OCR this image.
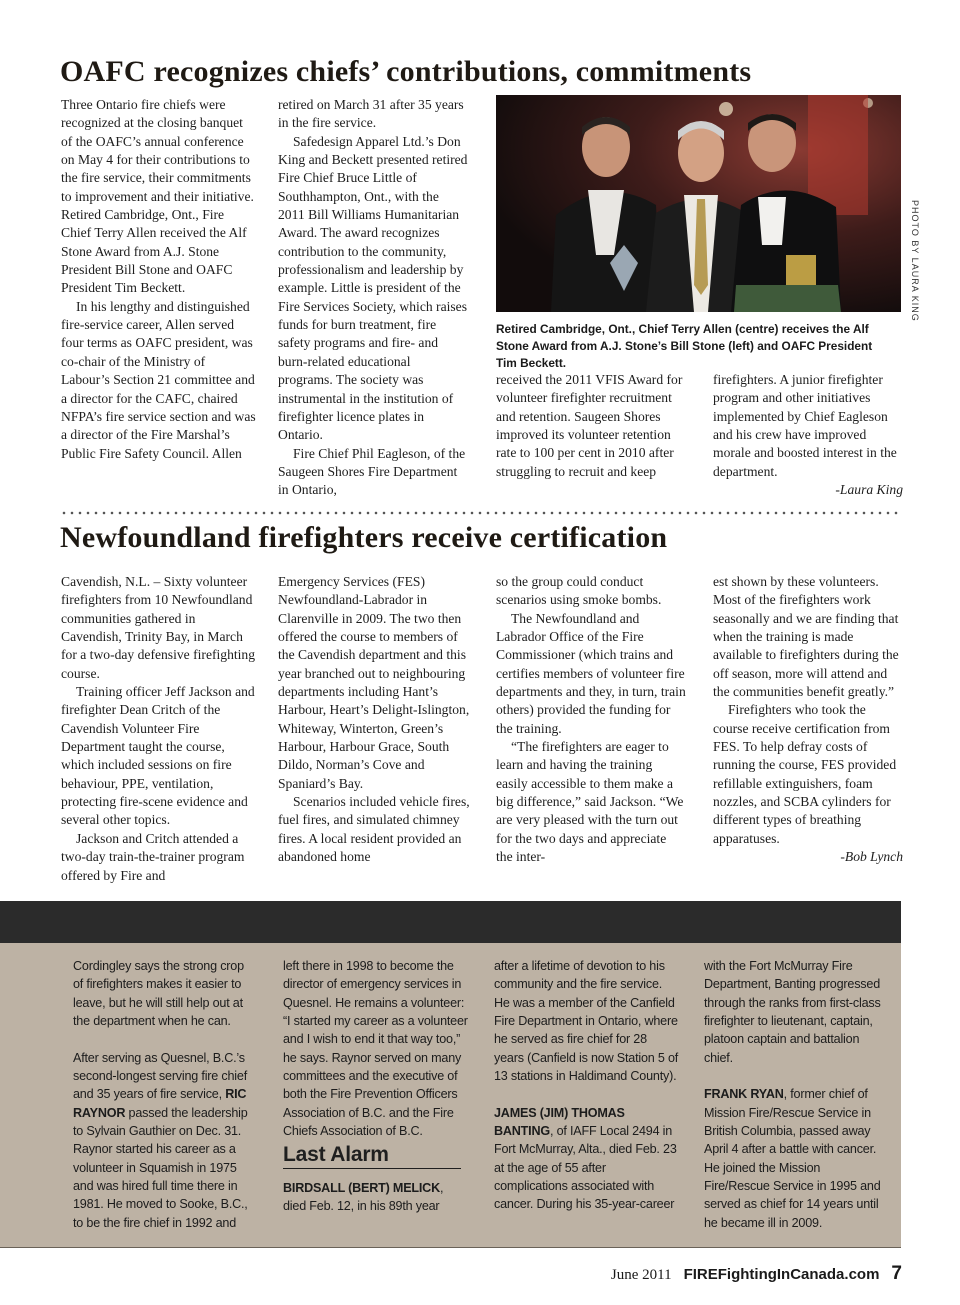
OAFC recognizes chiefs’ contributions, commitments

Three Ontario fire chiefs were recognized at the closing banquet of the OAFC’s annual conference on May 4 for their contributions to the fire service, their commitments to improvement and their initiative.

Retired Cambridge, Ont., Fire Chief Terry Allen received the Alf Stone Award from A.J. Stone President Bill Stone and OAFC President Tim Beckett.

In his lengthy and distinguished fire-service career, Allen served four terms as OAFC president, was co-chair of the Ministry of Labour’s Section 21 committee and a director for the CAFC, chaired NFPA’s fire service section and was a director of the Fire Marshal’s Public Fire Safety Council. Allen

retired on March 31 after 35 years in the fire service.

Safedesign Apparel Ltd.’s Don King and Beckett presented retired Fire Chief Bruce Little of Southhampton, Ont., with the 2011 Bill Williams Humanitarian Award. The award recognizes contribution to the community, professionalism and leadership by example. Little is president of the Fire Services Society, which raises funds for burn treatment, fire safety programs and fire- and burn-related educational programs. The society was instrumental in the institution of firefighter licence plates in Ontario.

Fire Chief Phil Eagleson, of the Saugeen Shores Fire Department in Ontario,

PHOTO BY LAURA KING
Retired Cambridge, Ont., Chief Terry Allen (centre) receives the Alf Stone Award from A.J. Stone’s Bill Stone (left) and OAFC President Tim Beckett.

received the 2011 VFIS Award for volunteer firefighter recruitment and retention. Saugeen Shores improved its volunteer retention rate to 100 per cent in 2010 after struggling to recruit and keep

firefighters. A junior firefighter program and other initiatives implemented by Chief Eagleson and his crew have improved morale and boosted interest in the department.

-Laura King

Newfoundland firefighters receive certification

Cavendish, N.L. – Sixty volunteer firefighters from 10 Newfoundland communities gathered in Cavendish, Trinity Bay, in March for a two-day defensive firefighting course.

Training officer Jeff Jackson and firefighter Dean Critch of the Cavendish Volunteer Fire Department taught the course, which included sessions on fire behaviour, PPE, ventilation, protecting fire-scene evidence and several other topics.

Jackson and Critch attended a two-day train-the-trainer program offered by Fire and

Emergency Services (FES) Newfoundland-Labrador in Clarenville in 2009. The two then offered the course to members of the Cavendish department and this year branched out to neighbouring departments including Hant’s Harbour, Heart’s Delight-Islington, Whiteway, Winterton, Green’s Harbour, Harbour Grace, South Dildo, Norman’s Cove and Spaniard’s Bay.

Scenarios included vehicle fires, fuel fires, and simulated chimney fires. A local resident provided an abandoned home

so the group could conduct scenarios using smoke bombs.

The Newfoundland and Labrador Office of the Fire Commissioner (which trains and certifies members of volunteer fire departments and they, in turn, train others) provided the funding for the training.

“The firefighters are eager to learn and having the training easily accessible to them make a big difference,” said Jackson. “We are very pleased with the turn out for the two days and appreciate the inter-

est shown by these volunteers. Most of the firefighters work seasonally and we are finding that when the training is made available to firefighters during the off season, more will attend and the communities benefit greatly.”

Firefighters who took the course receive certification from FES. To help defray costs of running the course, FES provided refillable extinguishers, foam nozzles, and SCBA cylinders for different types of breathing apparatuses.

-Bob Lynch

Cordingley says the strong crop of firefighters makes it easier to leave, but he will still help out at the department when he can.

After serving as Quesnel, B.C.’s second-longest serving fire chief and 35 years of fire service, RIC RAYNOR passed the leadership to Sylvain Gauthier on Dec. 31. Raynor started his career as a volunteer in Squamish in 1975 and was hired full time there in 1981. He moved to Sooke, B.C., to be the fire chief in 1992 and

left there in 1998 to become the director of emergency services in Quesnel. He remains a volunteer: “I started my career as a volunteer and I wish to end it that way too,” he says. Raynor served on many committees and the executive of both the Fire Prevention Officers Association of B.C. and the Fire Chiefs Association of B.C.

Last Alarm

BIRDSALL (BERT) MELICK, died Feb. 12, in his 89th year

after a lifetime of devotion to his community and the fire service. He was a member of the Canfield Fire Department in Ontario, where he served as fire chief for 28 years (Canfield is now Station 5 of 13 stations in Haldimand County).

JAMES (JIM) THOMAS BANTING, of IAFF Local 2494 in Fort McMurray, Alta., died Feb. 23 at the age of 55 after complications associated with cancer. During his 35-year-career

with the Fort McMurray Fire Department, Banting progressed through the ranks from first-class firefighter to lieutenant, captain, platoon captain and battalion chief.

FRANK RYAN, former chief of Mission Fire/Rescue Service in British Columbia, passed away April 4 after a battle with cancer. He joined the Mission Fire/Rescue Service in 1995 and served as chief for 14 years until he became ill in 2009.

June 2011 FIREFightingInCanada.com 7
